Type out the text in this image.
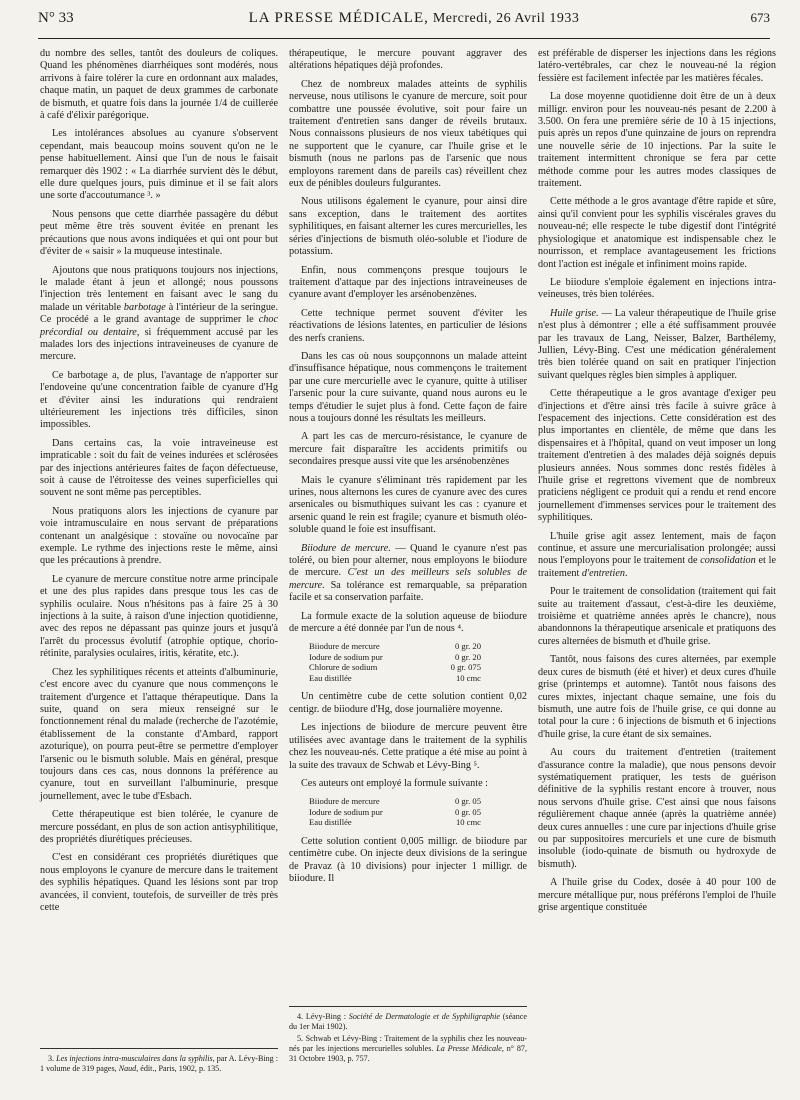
N° 33	LA PRESSE MÉDICALE, Mercredi, 26 Avril 1933	673

du nombre des selles, tantôt des douleurs de coliques. Quand les phénomènes diarrhéiques sont modérés, nous arrivons à faire tolérer la cure en ordonnant aux malades, chaque matin, un paquet de deux grammes de carbonate de bismuth, et quatre fois dans la journée 1/4 de cuillerée à café d'élixir parégorique.

Les intolérances absolues au cyanure s'observent cependant, mais beaucoup moins souvent qu'on ne le pense habituellement. Ainsi que l'un de nous le faisait remarquer dès 1902 : « La diarrhée survient dès le début, elle dure quelques jours, puis diminue et il se fait alors une sorte d'accoutumance ³. »

Nous pensons que cette diarrhée passagère du début peut même être très souvent évitée en prenant les précautions que nous avons indiquées et qui ont pour but d'éviter de « saisir » la muqueuse intestinale.

Ajoutons que nous pratiquons toujours nos injections, le malade étant à jeun et allongé; nous poussons l'injection très lentement en faisant avec le sang du malade un véritable barbotage à l'intérieur de la seringue. Ce procédé a le grand avantage de supprimer le choc précordial ou dentaire, si fréquemment accusé par les malades lors des injections intraveineuses de cyanure de mercure.

Ce barbotage a, de plus, l'avantage de n'apporter sur l'endoveine qu'une concentration faible de cyanure d'Hg et d'éviter ainsi les indurations qui rendraient ultérieurement les injections très difficiles, sinon impossibles.

Dans certains cas, la voie intraveineuse est impraticable : soit du fait de veines indurées et sclérosées par des injections antérieures faites de façon défectueuse, soit à cause de l'étroitesse des veines superficielles qui souvent ne sont même pas perceptibles.

Nous pratiquons alors les injections de cyanure par voie intramusculaire en nous servant de préparations contenant un analgésique : stovaïne ou novocaïne par exemple. Le rythme des injections reste le même, ainsi que les précautions à prendre.

Le cyanure de mercure constitue notre arme principale et une des plus rapides dans presque tous les cas de syphilis oculaire. Nous n'hésitons pas à faire 25 à 30 injections à la suite, à raison d'une injection quotidienne, avec des repos ne dépassant pas quinze jours et jusqu'à l'arrêt du processus évolutif (atrophie optique, chorio-rétinite, paralysies oculaires, iritis, kératite, etc.).

Chez les syphilitiques récents et atteints d'albuminurie, c'est encore avec du cyanure que nous commençons le traitement d'urgence et l'attaque thérapeutique. Dans la suite, quand on sera mieux renseigné sur le fonctionnement rénal du malade (recherche de l'azotémie, établissement de la constante d'Ambard, rapport azoturique), on pourra peut-être se permettre d'employer l'arsenic ou le bismuth soluble. Mais en général, presque toujours dans ces cas, nous donnons la préférence au cyanure, tout en surveillant l'albuminurie, presque journellement, avec le tube d'Esbach.

Cette thérapeutique est bien tolérée, le cyanure de mercure possédant, en plus de son action antisyphilitique, des propriétés diurétiques précieuses.

C'est en considérant ces propriétés diurétiques que nous employons le cyanure de mercure dans le traitement des syphilis hépatiques. Quand les lésions sont par trop avancées, il convient, toutefois, de surveiller de très près cette

3. Les injections intra-musculaires dans la syphilis, par A. Lévy-Bing : 1 volume de 319 pages, Naud, édit., Paris, 1902, p. 135.

thérapeutique, le mercure pouvant aggraver des altérations hépatiques déjà profondes.

Chez de nombreux malades atteints de syphilis nerveuse, nous utilisons le cyanure de mercure, soit pour combattre une poussée évolutive, soit pour faire un traitement d'entretien sans danger de réveils brutaux. Nous connaissons plusieurs de nos vieux tabétiques qui ne supportent que le cyanure, car l'huile grise et le bismuth (nous ne parlons pas de l'arsenic que nous employons rarement dans de pareils cas) réveillent chez eux de pénibles douleurs fulgurantes.

Nous utilisons également le cyanure, pour ainsi dire sans exception, dans le traitement des aortites syphilitiques, en faisant alterner les cures mercurielles, les séries d'injections de bismuth oléo-soluble et l'iodure de potassium.

Enfin, nous commençons presque toujours le traitement d'attaque par des injections intraveineuses de cyanure avant d'employer les arsénobenzènes.

Cette technique permet souvent d'éviter les réactivations de lésions latentes, en particulier de lésions des nerfs craniens.

Dans les cas où nous soupçonnons un malade atteint d'insuffisance hépatique, nous commençons le traitement par une cure mercurielle avec le cyanure, quitte à utiliser l'arsenic pour la cure suivante, quand nous aurons eu le temps d'étudier le sujet plus à fond. Cette façon de faire nous a toujours donné les résultats les meilleurs.

A part les cas de mercuro-résistance, le cyanure de mercure fait disparaître les accidents primitifs ou secondaires presque aussi vite que les arsénobenzènes

Mais le cyanure s'éliminant très rapidement par les urines, nous alternons les cures de cyanure avec des cures arsenicales ou bismuthiques suivant les cas : cyanure et arsenic quand le rein est fragile; cyanure et bismuth oléo-soluble quand le foie est insuffisant.

Biiodure de mercure. — Quand le cyanure n'est pas toléré, ou bien pour alterner, nous employons le biiodure de mercure. C'est un des meilleurs sels solubles de mercure. Sa tolérance est remarquable, sa préparation facile et sa conservation parfaite.

La formule exacte de la solution aqueuse de biiodure de mercure a été donnée par l'un de nous ⁴.

Biiodure de mercure	0 gr. 20
Iodure de sodium pur	0 gr. 20
Chlorure de sodium	0 gr. 075
Eau distillée	10 cmc

Un centimètre cube de cette solution contient 0,02 centigr. de biiodure d'Hg, dose journalière moyenne.

Les injections de biiodure de mercure peuvent être utilisées avec avantage dans le traitement de la syphilis chez les nouveau-nés. Cette pratique a été mise au point à la suite des travaux de Schwab et Lévy-Bing ⁵.

Ces auteurs ont employé la formule suivante :

Biiodure de mercure	0 gr. 05
Iodure de sodium pur	0 gr. 05
Eau distillée	10 cmc

Cette solution contient 0,005 milligr. de biiodure par centimètre cube. On injecte deux divisions de la seringue de Pravaz (à 10 divisions) pour injecter 1 milligr. de biiodure. Il

4. Lévy-Bing : Société de Dermatologie et de Syphiligraphie (séance du 1er Mai 1902).

5. Schwab et Lévy-Bing : Traitement de la syphilis chez les nouveau-nés par les injections mercurielles solubles. La Presse Médicale, n° 87, 31 Octobre 1903, p. 757.

est préférable de disperser les injections dans les régions latéro-vertébrales, car chez le nouveau-né la région fessière est facilement infectée par les matières fécales.

La dose moyenne quotidienne doit être de un à deux milligr. environ pour les nouveau-nés pesant de 2.200 à 3.500. On fera une première série de 10 à 15 injections, puis après un repos d'une quinzaine de jours on reprendra une nouvelle série de 10 injections. Par la suite le traitement intermittent chronique se fera par cette méthode comme pour les autres modes classiques de traitement.

Cette méthode a le gros avantage d'être rapide et sûre, ainsi qu'il convient pour les syphilis viscérales graves du nouveau-né; elle respecte le tube digestif dont l'intégrité physiologique et anatomique est indispensable chez le nourrisson, et remplace avantageusement les frictions dont l'action est inégale et infiniment moins rapide.

Le biiodure s'emploie également en injections intra-veineuses, très bien tolérées.

Huile grise. — La valeur thérapeutique de l'huile grise n'est plus à démontrer ; elle a été suffisamment prouvée par les travaux de Lang, Neisser, Balzer, Barthélemy, Jullien, Lévy-Bing. C'est une médication généralement très bien tolérée quand on sait en pratiquer l'injection suivant quelques règles bien simples à appliquer.

Cette thérapeutique a le gros avantage d'exiger peu d'injections et d'être ainsi très facile à suivre grâce à l'espacement des injections. Cette considération est des plus importantes en clientèle, de même que dans les dispensaires et à l'hôpital, quand on veut imposer un long traitement d'entretien à des malades déjà soignés depuis plusieurs années. Nous sommes donc restés fidèles à l'huile grise et regrettons vivement que de nombreux praticiens négligent ce produit qui a rendu et rend encore journellement d'immenses services pour le traitement des syphilitiques.

L'huile grise agit assez lentement, mais de façon continue, et assure une mercurialisation prolongée; aussi nous l'employons pour le traitement de consolidation et le traitement d'entretien.

Pour le traitement de consolidation (traitement qui fait suite au traitement d'assaut, c'est-à-dire les deuxième, troisième et quatrième années après le chancre), nous abandonnons la thérapeutique arsenicale et pratiquons des cures alternées de bismuth et d'huile grise.

Tantôt, nous faisons des cures alternées, par exemple deux cures de bismuth (été et hiver) et deux cures d'huile grise (printemps et automne). Tantôt nous faisons des cures mixtes, injectant chaque semaine, une fois du bismuth, une autre fois de l'huile grise, ce qui donne au total pour la cure : 6 injections de bismuth et 6 injections d'huile grise, la cure étant de six semaines.

Au cours du traitement d'entretien (traitement d'assurance contre la maladie), que nous pensons devoir systématiquement pratiquer, les tests de guérison définitive de la syphilis restant encore à trouver, nous nous servons d'huile grise. C'est ainsi que nous faisons régulièrement chaque année (après la quatrième année) deux cures annuelles : une cure par injections d'huile grise ou par suppositoires mercuriels et une cure de bismuth insoluble (iodo-quinate de bismuth ou hydroxyde de bismuth).

A l'huile grise du Codex, dosée à 40 pour 100 de mercure métallique pur, nous préférons l'emploi de l'huile grise argentique constituée
